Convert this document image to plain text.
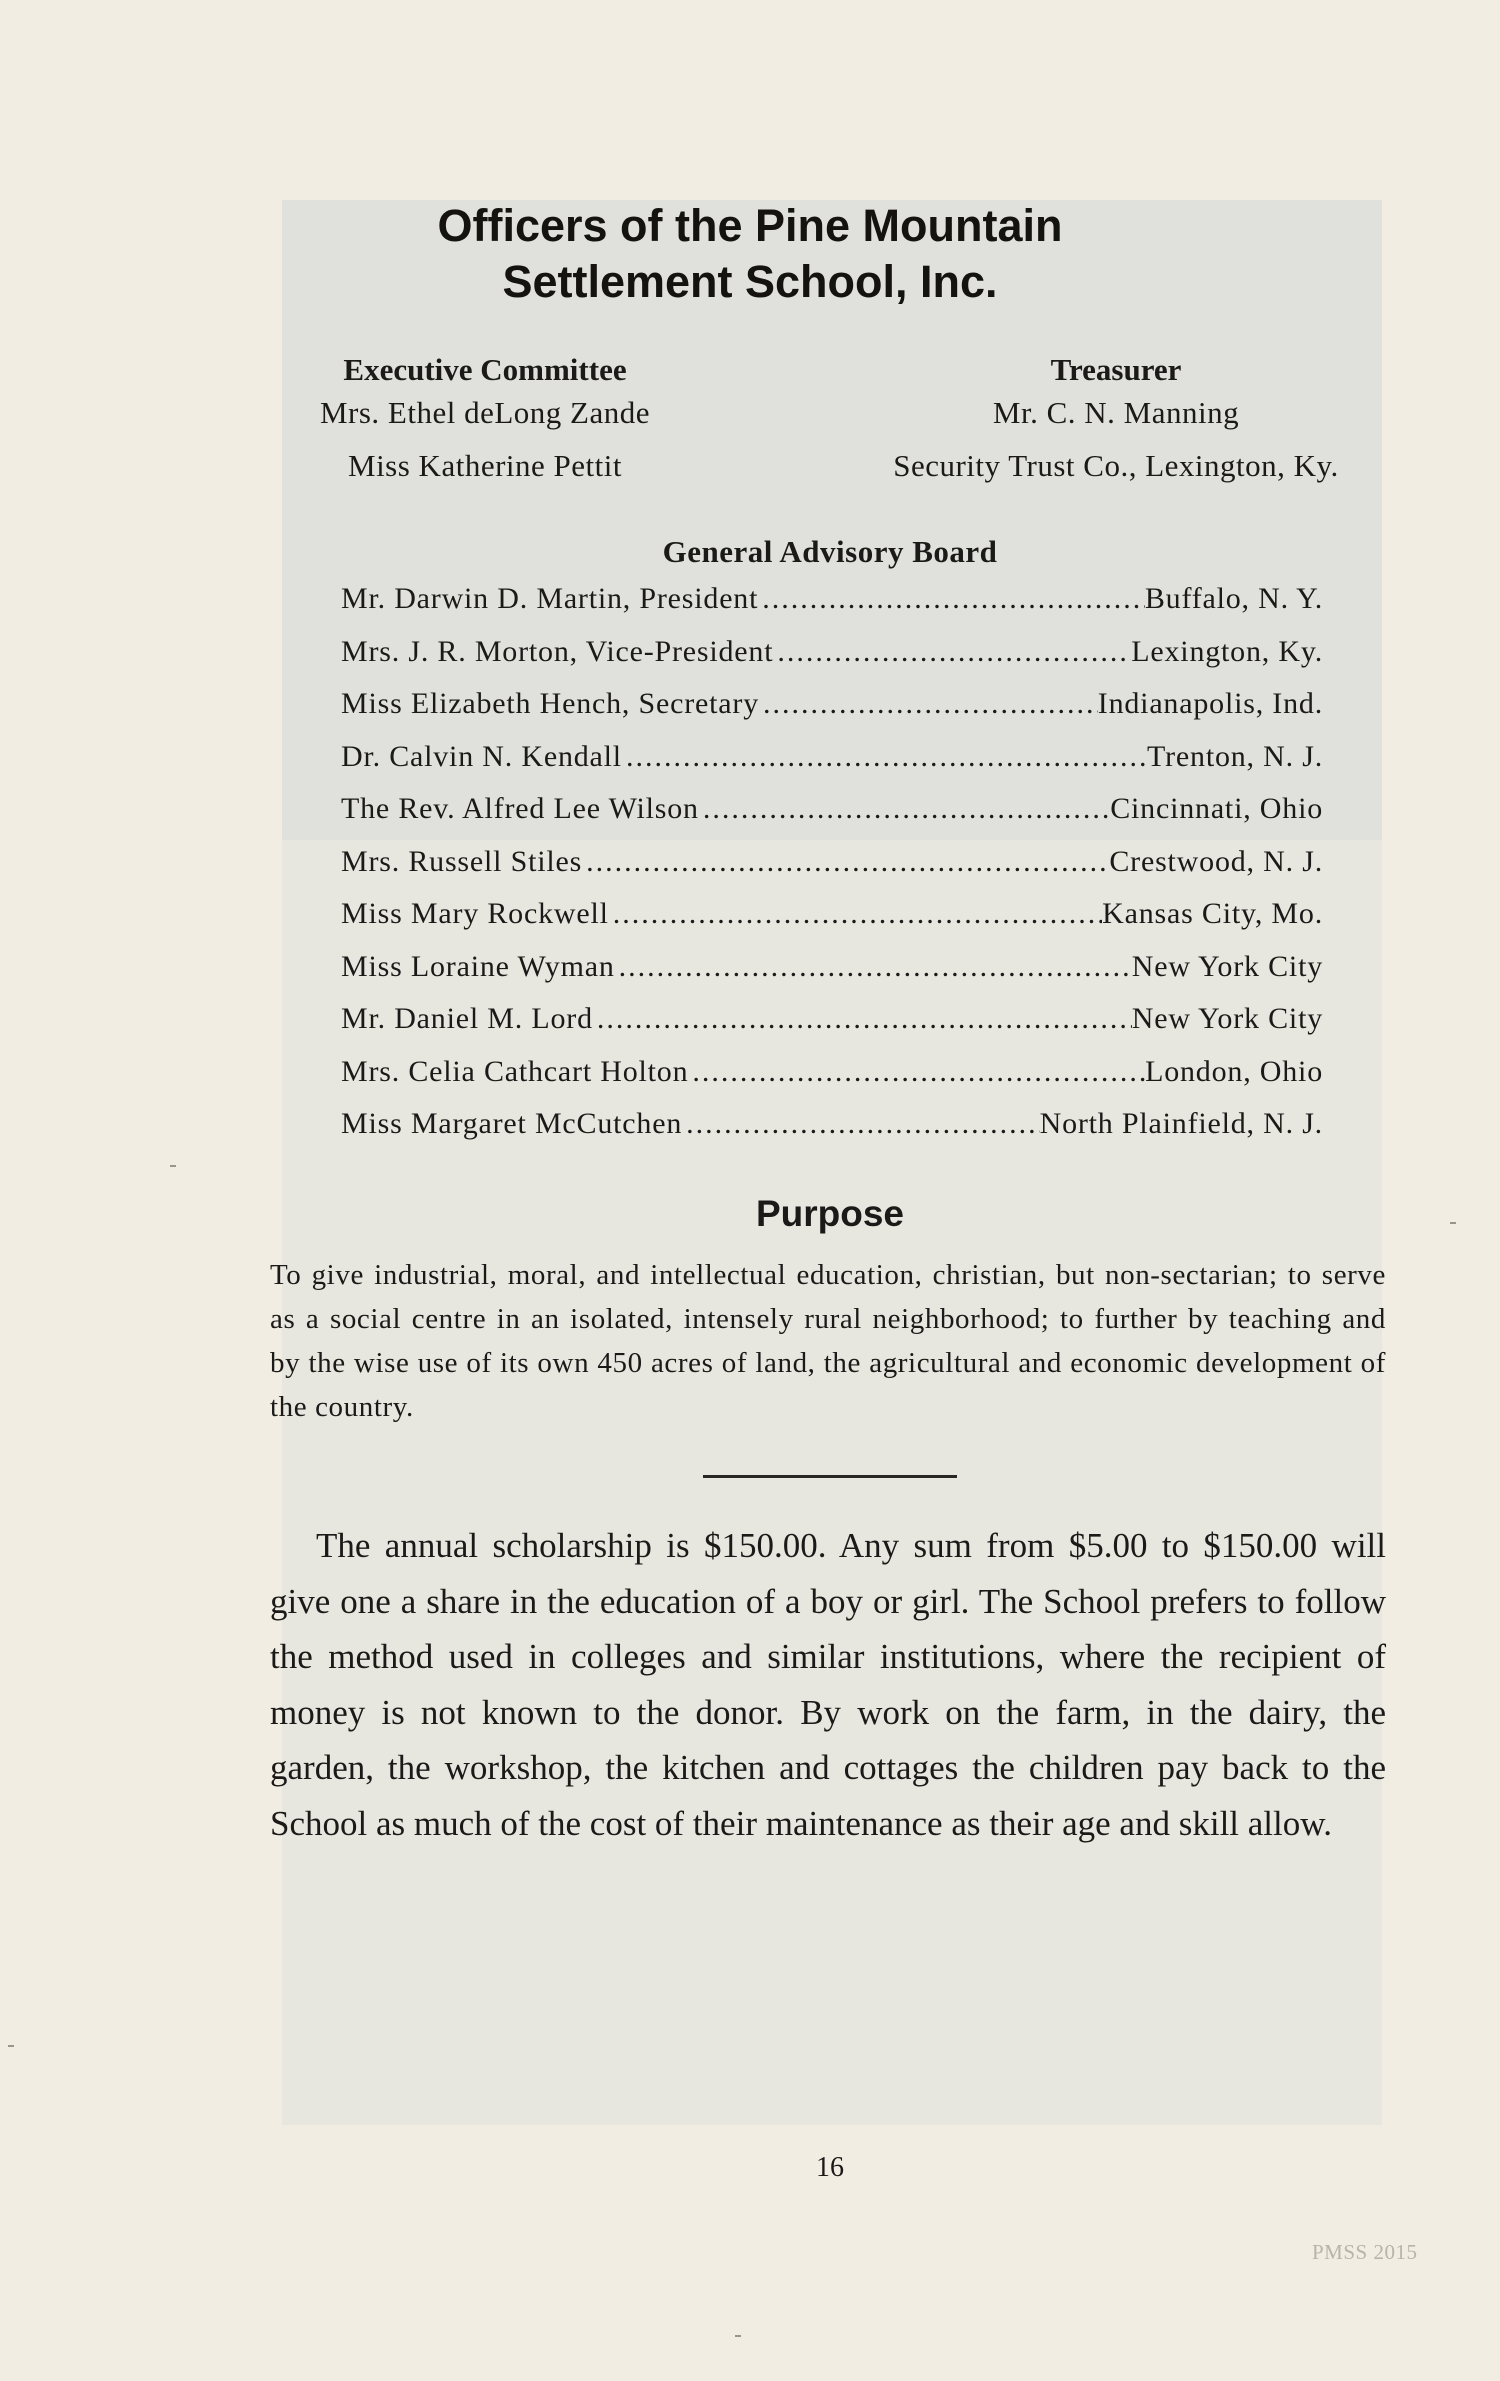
Officers of the Pine Mountain
Settlement School, Inc.
Executive Committee
Mrs. Ethel deLong Zande
Miss Katherine Pettit
Treasurer
Mr. C. N. Manning
Security Trust Co., Lexington, Ky.
General Advisory Board
Mr. Darwin D. Martin, President .....	Buffalo, N. Y.
Mrs. J. R. Morton, Vice-President .....	Lexington, Ky.
Miss Elizabeth Hench, Secretary .....	Indianapolis, Ind.
Dr. Calvin N. Kendall .....	Trenton, N. J.
The Rev. Alfred Lee Wilson .....	Cincinnati, Ohio
Mrs. Russell Stiles .....	Crestwood, N. J.
Miss Mary Rockwell .....	Kansas City, Mo.
Miss Loraine Wyman .....	New York City
Mr. Daniel M. Lord .....	New York City
Mrs. Celia Cathcart Holton .....	London, Ohio
Miss Margaret McCutchen .....	North Plainfield, N. J.
Purpose
To give industrial, moral, and intellectual education, christian, but non-sectarian; to serve as a social centre in an isolated, intensely rural neighborhood; to further by teaching and by the wise use of its own 450 acres of land, the agricultural and economic development of the country.
The annual scholarship is $150.00. Any sum from $5.00 to $150.00 will give one a share in the education of a boy or girl. The School prefers to follow the method used in colleges and similar institutions, where the recipient of money is not known to the donor. By work on the farm, in the dairy, the garden, the workshop, the kitchen and cottages the children pay back to the School as much of the cost of their maintenance as their age and skill allow.
16
PMSS 2015
